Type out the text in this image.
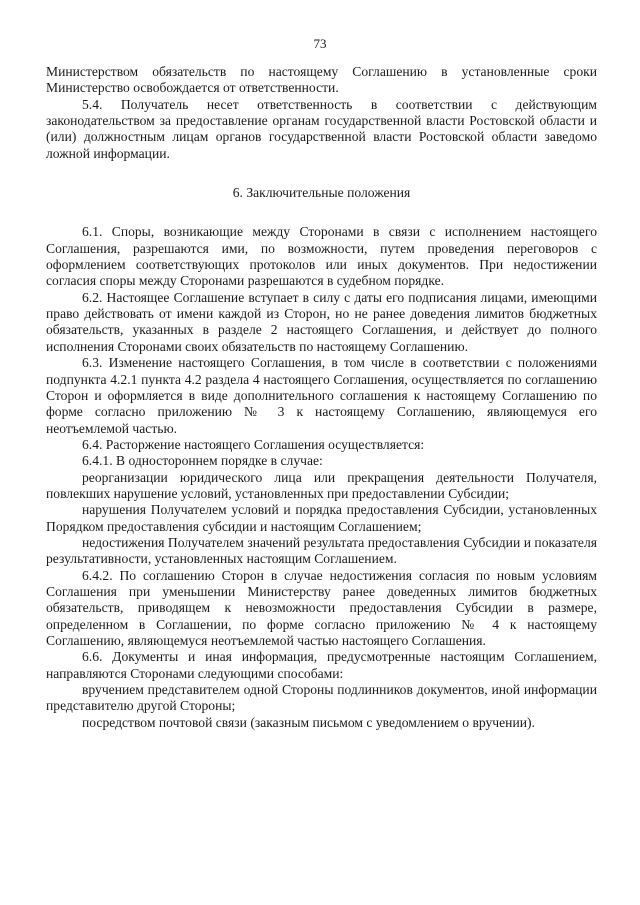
73

Министерством обязательств по настоящему Соглашению в установленные сроки Министерство освобождается от ответственности.

5.4. Получатель несет ответственность в соответствии с действующим законодательством за предоставление органам государственной власти Ростовской области и (или) должностным лицам органов государственной власти Ростовской области заведомо ложной информации.

6. Заключительные положения

6.1. Споры, возникающие между Сторонами в связи с исполнением настоящего Соглашения, разрешаются ими, по возможности, путем проведения переговоров с оформлением соответствующих протоколов или иных документов. При недостижении согласия споры между Сторонами разрешаются в судебном порядке.

6.2. Настоящее Соглашение вступает в силу с даты его подписания лицами, имеющими право действовать от имени каждой из Сторон, но не ранее доведения лимитов бюджетных обязательств, указанных в разделе 2 настоящего Соглашения, и действует до полного исполнения Сторонами своих обязательств по настоящему Соглашению.

6.3. Изменение настоящего Соглашения, в том числе в соответствии с положениями подпункта 4.2.1 пункта 4.2 раздела 4 настоящего Соглашения, осуществляется по соглашению Сторон и оформляется в виде дополнительного соглашения к настоящему Соглашению по форме согласно приложению № 3 к настоящему Соглашению, являющемуся его неотъемлемой частью.

6.4. Расторжение настоящего Соглашения осуществляется:

6.4.1. В одностороннем порядке в случае:

реорганизации юридического лица или прекращения деятельности Получателя, повлекших нарушение условий, установленных при предоставлении Субсидии;

нарушения Получателем условий и порядка предоставления Субсидии, установленных Порядком предоставления субсидии и настоящим Соглашением;

недостижения Получателем значений результата предоставления Субсидии и показателя результативности, установленных настоящим Соглашением.

6.4.2. По соглашению Сторон в случае недостижения согласия по новым условиям Соглашения при уменьшении Министерству ранее доведенных лимитов бюджетных обязательств, приводящем к невозможности предоставления Субсидии в размере, определенном в Соглашении, по форме согласно приложению № 4 к настоящему Соглашению, являющемуся неотъемлемой частью настоящего Соглашения.

6.6. Документы и иная информация, предусмотренные настоящим Соглашением, направляются Сторонами следующими способами:

вручением представителем одной Стороны подлинников документов, иной информации представителю другой Стороны;

посредством почтовой связи (заказным письмом с уведомлением о вручении).
